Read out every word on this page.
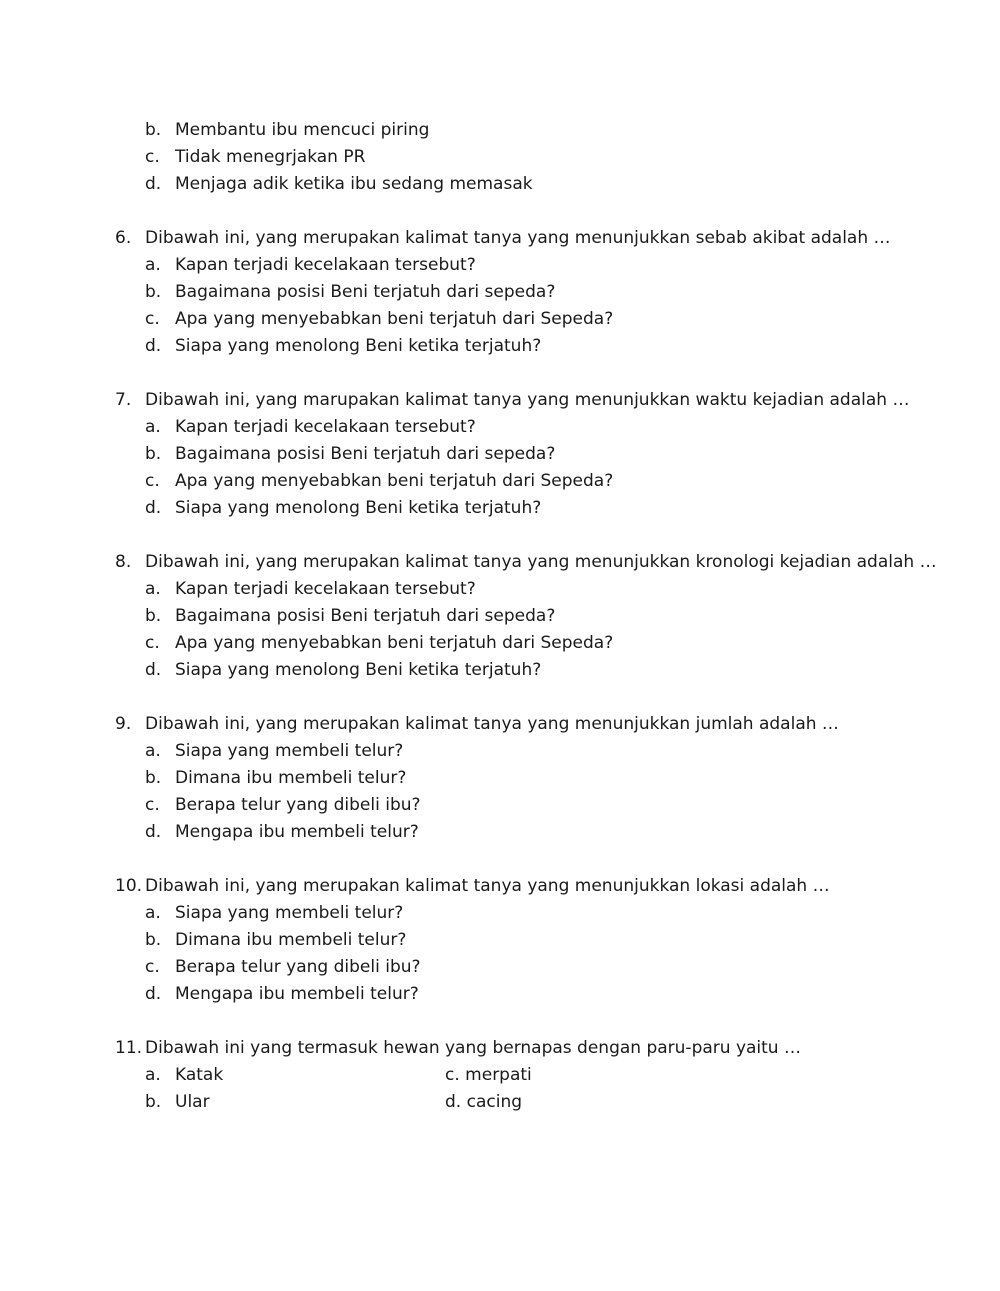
b. Membantu ibu mencuci piring
c. Tidak menegrjakan PR
d. Menjaga adik ketika ibu sedang memasak
6. Dibawah ini, yang merupakan kalimat tanya yang menunjukkan sebab akibat adalah …
a. Kapan terjadi kecelakaan tersebut?
b. Bagaimana posisi Beni terjatuh dari sepeda?
c. Apa yang menyebabkan beni terjatuh dari Sepeda?
d. Siapa yang menolong Beni ketika terjatuh?
7. Dibawah ini, yang marupakan kalimat tanya yang menunjukkan waktu kejadian adalah …
a. Kapan terjadi kecelakaan tersebut?
b. Bagaimana posisi Beni terjatuh dari sepeda?
c. Apa yang menyebabkan beni terjatuh dari Sepeda?
d. Siapa yang menolong Beni ketika terjatuh?
8. Dibawah ini, yang merupakan kalimat tanya yang menunjukkan kronologi kejadian adalah …
a. Kapan terjadi kecelakaan tersebut?
b. Bagaimana posisi Beni terjatuh dari sepeda?
c. Apa yang menyebabkan beni terjatuh dari Sepeda?
d. Siapa yang menolong Beni ketika terjatuh?
9. Dibawah ini, yang merupakan kalimat tanya yang menunjukkan jumlah adalah …
a. Siapa yang membeli telur?
b. Dimana ibu membeli telur?
c. Berapa telur yang dibeli ibu?
d. Mengapa ibu membeli telur?
10. Dibawah ini, yang merupakan kalimat tanya yang menunjukkan lokasi adalah …
a. Siapa yang membeli telur?
b. Dimana ibu membeli telur?
c. Berapa telur yang dibeli ibu?
d. Mengapa ibu membeli telur?
11. Dibawah ini yang termasuk hewan yang bernapas dengan paru-paru yaitu …
a. Katak	c. merpati
b. Ular	d. cacing
